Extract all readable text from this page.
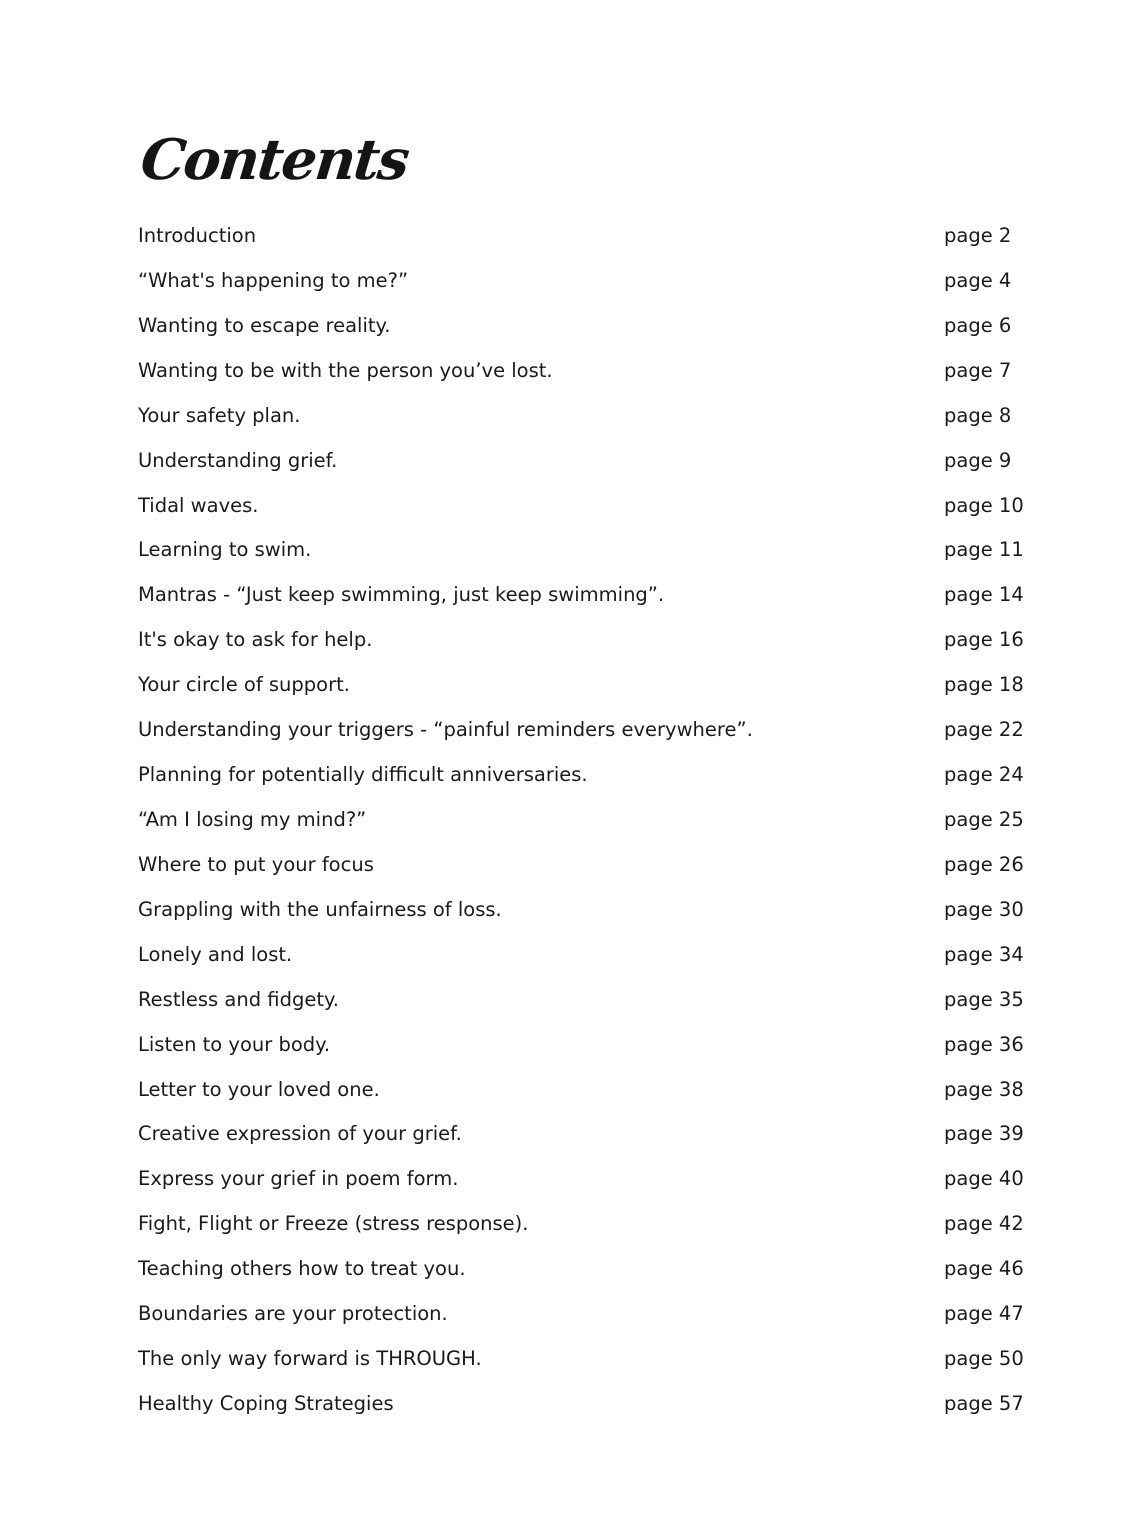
Contents
Introduction	page 2
“What's happening to me?”	page 4
Wanting to escape reality.	page 6
Wanting to be with the person you’ve lost.	page 7
Your safety plan.	page 8
Understanding grief.	page 9
Tidal waves.	page 10
Learning to swim.	page 11
Mantras - “Just keep swimming, just keep swimming”.	page 14
It's okay to ask for help.	page 16
Your circle of support.	page 18
Understanding your triggers - “painful reminders everywhere”.	page 22
Planning for potentially difficult anniversaries.	page 24
“Am I losing my mind?”	page 25
Where to put your focus	page 26
Grappling with the unfairness of loss.	page 30
Lonely and lost.	page 34
Restless and fidgety.	page 35
Listen to your body.	page 36
Letter to your loved one.	page 38
Creative expression of your grief.	page 39
Express your grief in poem form.	page 40
Fight, Flight or Freeze (stress response).	page 42
Teaching others how to treat you.	page 46
Boundaries are your protection.	page 47
The only way forward is THROUGH.	page 50
Healthy Coping Strategies	page 57
